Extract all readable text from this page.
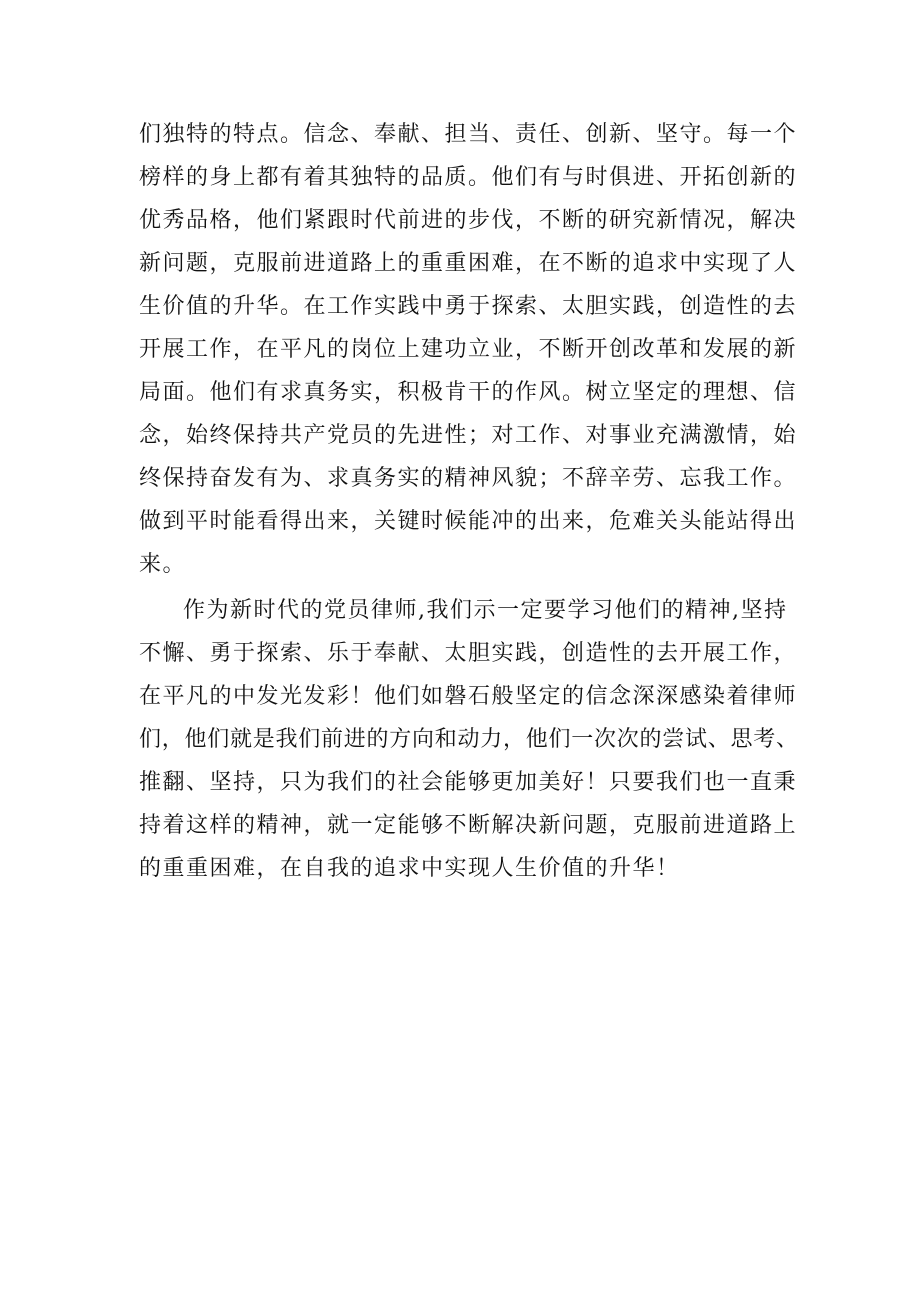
们独特的特点。信念、奉献、担当、责任、创新、坚守。每一个
榜样的身上都有着其独特的品质。他们有与时俱进、开拓创新的
优秀品格，他们紧跟时代前进的步伐，不断的研究新情况，解决
新问题，克服前进道路上的重重困难，在不断的追求中实现了人
生价值的升华。在工作实践中勇于探索、太胆实践，创造性的去
开展工作，在平凡的岗位上建功立业，不断开创改革和发展的新
局面。他们有求真务实，积极肯干的作风。树立坚定的理想、信
念，始终保持共产党员的先进性；对工作、对事业充满激情，始
终保持奋发有为、求真务实的精神风貌；不辞辛劳、忘我工作。
做到平时能看得出来，关键时候能冲的出来，危难关头能站得出
来。
作为新时代的党员律师,我们示一定要学习他们的精神,坚持
不懈、勇于探索、乐于奉献、太胆实践，创造性的去开展工作，
在平凡的中发光发彩！他们如磐石般坚定的信念深深感染着律师
们，他们就是我们前进的方向和动力，他们一次次的尝试、思考、
推翻、坚持，只为我们的社会能够更加美好！只要我们也一直秉
持着这样的精神，就一定能够不断解决新问题，克服前进道路上
的重重困难，在自我的追求中实现人生价值的升华！
